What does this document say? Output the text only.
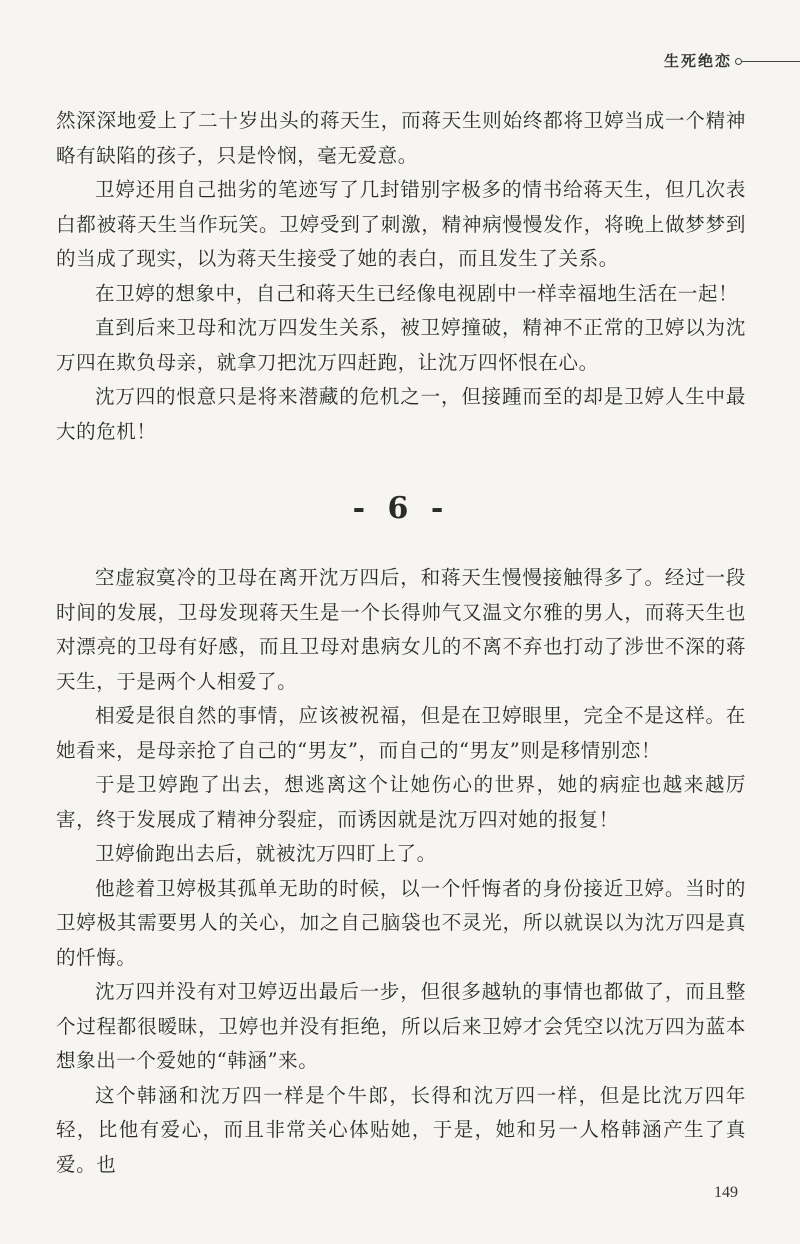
生死绝恋

然深深地爱上了二十岁出头的蒋天生，而蒋天生则始终都将卫婷当成一个精神略有缺陷的孩子，只是怜悯，毫无爱意。

卫婷还用自己拙劣的笔迹写了几封错别字极多的情书给蒋天生，但几次表白都被蒋天生当作玩笑。卫婷受到了刺激，精神病慢慢发作，将晚上做梦梦到的当成了现实，以为蒋天生接受了她的表白，而且发生了关系。

在卫婷的想象中，自己和蒋天生已经像电视剧中一样幸福地生活在一起！

直到后来卫母和沈万四发生关系，被卫婷撞破，精神不正常的卫婷以为沈万四在欺负母亲，就拿刀把沈万四赶跑，让沈万四怀恨在心。

沈万四的恨意只是将来潜藏的危机之一，但接踵而至的却是卫婷人生中最大的危机！

- 6 -

空虚寂寞冷的卫母在离开沈万四后，和蒋天生慢慢接触得多了。经过一段时间的发展，卫母发现蒋天生是一个长得帅气又温文尔雅的男人，而蒋天生也对漂亮的卫母有好感，而且卫母对患病女儿的不离不弃也打动了涉世不深的蒋天生，于是两个人相爱了。

相爱是很自然的事情，应该被祝福，但是在卫婷眼里，完全不是这样。在她看来，是母亲抢了自己的“男友”，而自己的“男友”则是移情别恋！

于是卫婷跑了出去，想逃离这个让她伤心的世界，她的病症也越来越厉害，终于发展成了精神分裂症，而诱因就是沈万四对她的报复！

卫婷偷跑出去后，就被沈万四盯上了。

他趁着卫婷极其孤单无助的时候，以一个忏悔者的身份接近卫婷。当时的卫婷极其需要男人的关心，加之自己脑袋也不灵光，所以就误以为沈万四是真的忏悔。

沈万四并没有对卫婷迈出最后一步，但很多越轨的事情也都做了，而且整个过程都很暧昧，卫婷也并没有拒绝，所以后来卫婷才会凭空以沈万四为蓝本想象出一个爱她的“韩涵”来。

这个韩涵和沈万四一样是个牛郎，长得和沈万四一样，但是比沈万四年轻，比他有爱心，而且非常关心体贴她，于是，她和另一人格韩涵产生了真爱。也

149
